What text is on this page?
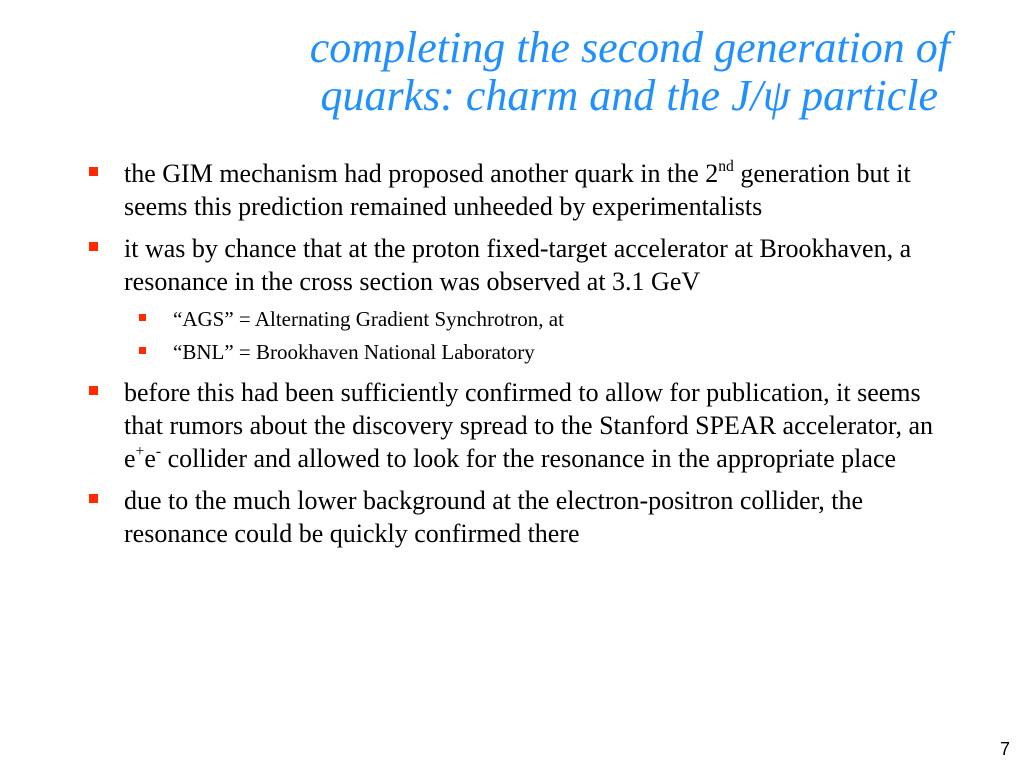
completing the second generation of
quarks: charm and the J/ψ particle
the GIM mechanism had proposed another quark in the 2nd generation but it seems this prediction remained unheeded by experimentalists
it was by chance that at the proton fixed-target accelerator at Brookhaven, a resonance in the cross section was observed at 3.1 GeV
“AGS” = Alternating Gradient Synchrotron, at
“BNL” = Brookhaven National Laboratory
before this had been sufficiently confirmed to allow for publication, it seems that rumors about the discovery spread to the Stanford SPEAR accelerator, an e+e- collider and allowed to look for the resonance in the appropriate place
due to the much lower background at the electron-positron collider, the resonance could be quickly confirmed there
7
